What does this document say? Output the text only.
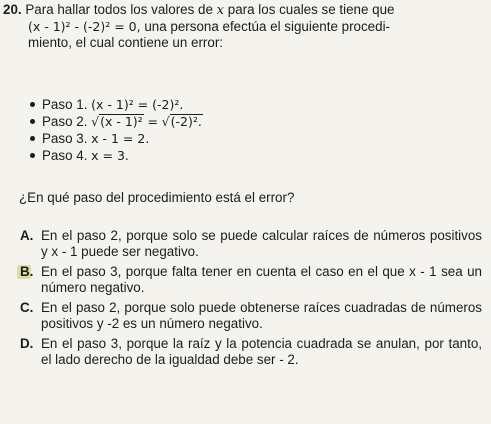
20. Para hallar todos los valores de x para los cuales se tiene que
(x - 1)² - (-2)² = 0, una persona efectúa el siguiente procedi-
miento, el cual contiene un error:
Paso 1. (x - 1)² = (-2)².
Paso 2. √(x - 1)² = √(-2)².
Paso 3. x - 1 = 2.
Paso 4. x = 3.
¿En qué paso del procedimiento está el error?
A. En el paso 2, porque solo se puede calcular raíces de números positivos y x - 1 puede ser negativo.
B. En el paso 3, porque falta tener en cuenta el caso en el que x - 1 sea un número negativo.
C. En el paso 2, porque solo puede obtenerse raíces cuadradas de números positivos y -2 es un número negativo.
D. En el paso 3, porque la raíz y la potencia cuadrada se anulan, por tanto, el lado derecho de la igualdad debe ser - 2.
